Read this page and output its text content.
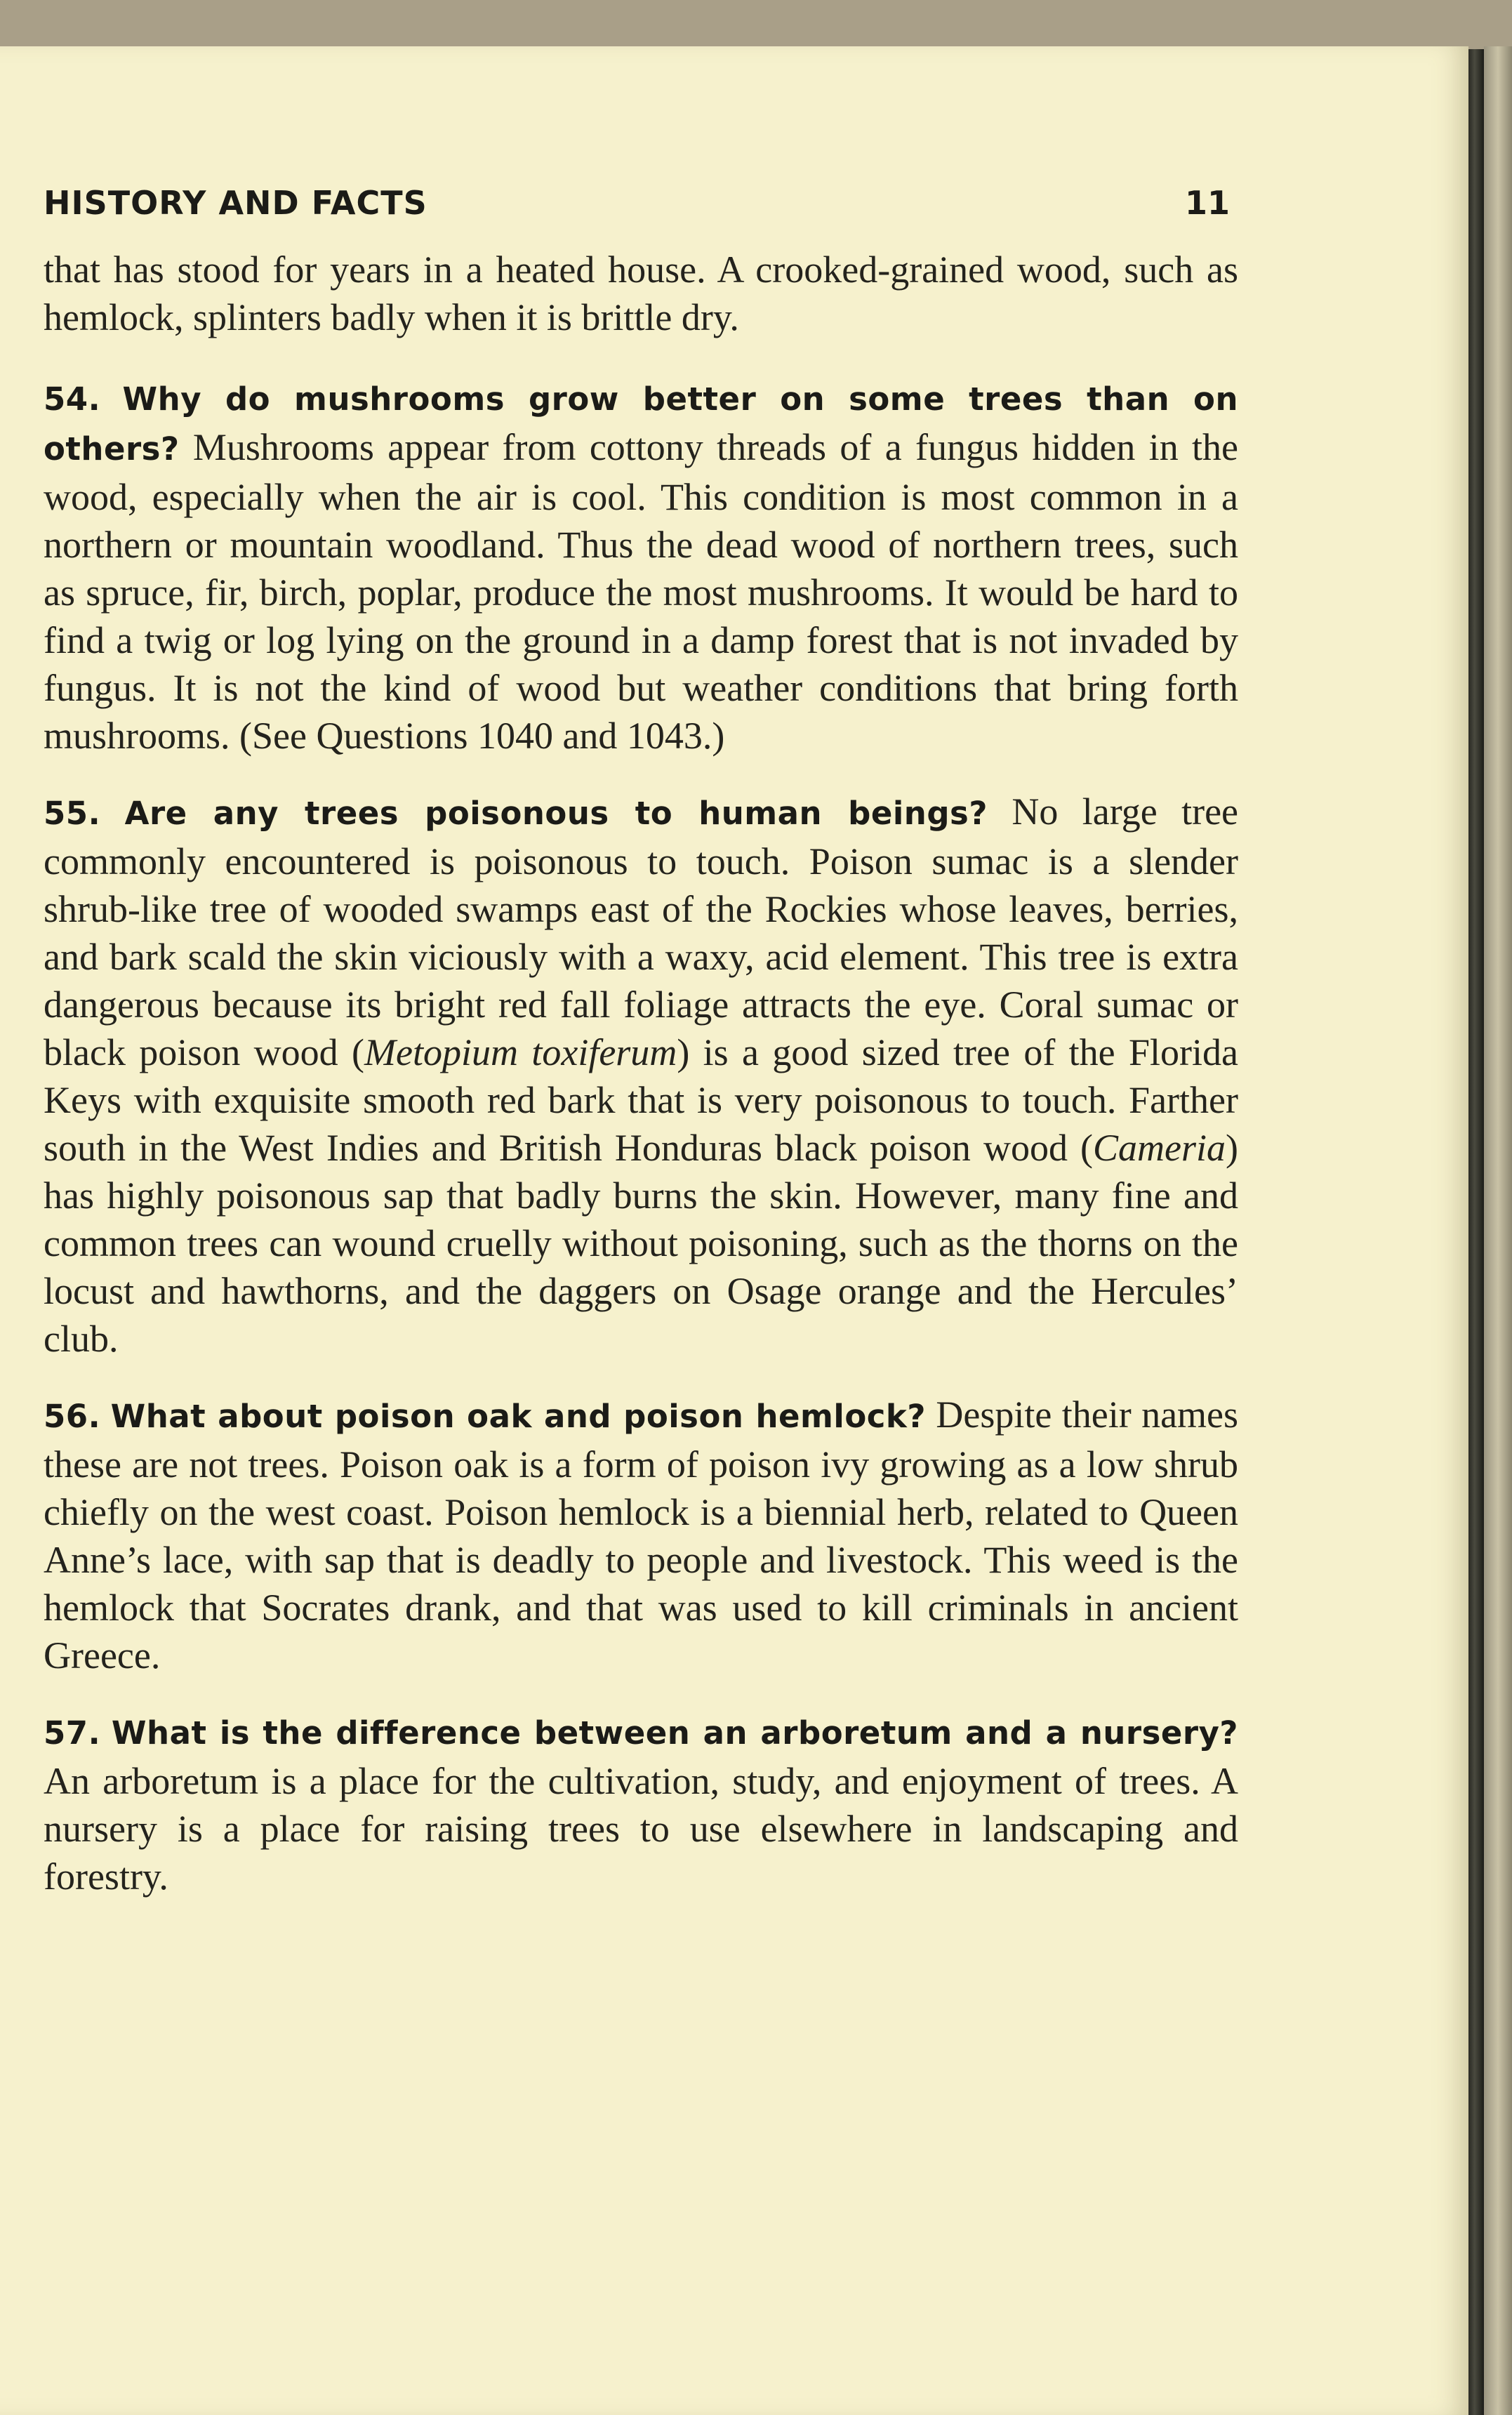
HISTORY AND FACTS	11

that has stood for years in a heated house. A crooked-grained wood, such as hemlock, splinters badly when it is brittle dry.

54. Why do mushrooms grow better on some trees than on others? Mushrooms appear from cottony threads of a fungus hidden in the wood, especially when the air is cool. This condition is most common in a northern or mountain woodland. Thus the dead wood of northern trees, such as spruce, fir, birch, poplar, produce the most mushrooms. It would be hard to find a twig or log lying on the ground in a damp forest that is not invaded by fungus. It is not the kind of wood but weather conditions that bring forth mushrooms. (See Questions 1040 and 1043.)

55. Are any trees poisonous to human beings? No large tree commonly encountered is poisonous to touch. Poison sumac is a slender shrub-like tree of wooded swamps east of the Rockies whose leaves, berries, and bark scald the skin viciously with a waxy, acid element. This tree is extra dangerous because its bright red fall foliage attracts the eye. Coral sumac or black poison wood (Metopium toxiferum) is a good sized tree of the Florida Keys with exquisite smooth red bark that is very poisonous to touch. Farther south in the West Indies and British Honduras black poison wood (Cameria) has highly poisonous sap that badly burns the skin. However, many fine and common trees can wound cruelly without poisoning, such as the thorns on the locust and hawthorns, and the daggers on Osage orange and the Hercules’ club.

56. What about poison oak and poison hemlock? Despite their names these are not trees. Poison oak is a form of poison ivy growing as a low shrub chiefly on the west coast. Poison hemlock is a biennial herb, related to Queen Anne’s lace, with sap that is deadly to people and livestock. This weed is the hemlock that Socrates drank, and that was used to kill criminals in ancient Greece.

57. What is the difference between an arboretum and a nursery? An arboretum is a place for the cultivation, study, and enjoyment of trees. A nursery is a place for raising trees to use elsewhere in landscaping and forestry.
